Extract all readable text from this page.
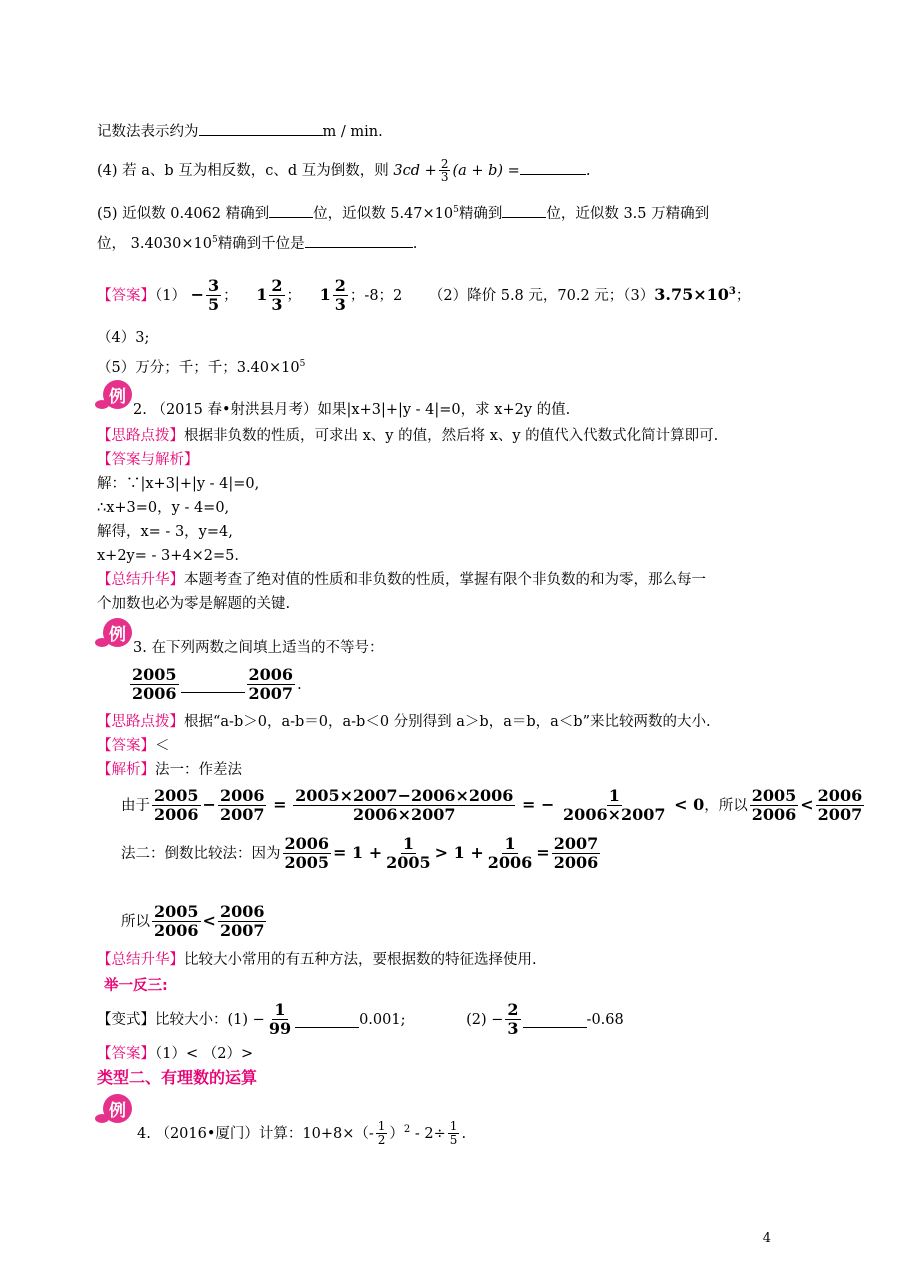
记数法表示约为	m / min.
(4) 若 a、b 互为相反数，c、d 互为倒数，则 $3cd + \frac{2}{3} (a + b)$ =	.
(5) 近似数 0.4062 精确到	位，近似数 $5.47\times 10^5$精确到	位，近似数 3.5 万精确到
位， $3.4030\times 10^5$精确到千位是	.
【答案】$(1) - \frac{3}{5}$ ； $1 \frac{2}{3}$ ； $1 \frac{2}{3}$ ；-8；2 （2）降价 5.8 元，70.2 元；$(3)3.75\times 10^3$；
（4）3;
（5）万分；千；千；$3.40\times 10^5$
例
2. （2015 春•射洪县月考）如果|x+3|+|y - 4|=0，求 x+2y 的值.
【思路点拨】根据非负数的性质，可求出 x、y 的值，然后将 x、y 的值代入代数式化简计算即可.
【答案与解析】
解：∵|x+3|+|y - 4|=0,
∴x+3=0，y - 4=0,
解得，x= - 3，y=4,
x+2y= - 3+4×2=5.
【总结升华】本题考查了绝对值的性质和非负数的性质，掌握有限个非负数的和为零，那么每一
个加数也必为零是解题的关键.
例
3. 在下列两数之间填上适当的不等号：
$\frac{2005}{2006}$	$\frac{2006}{2007}$ .
【思路点拨】根据“a-b＞0，a-b＝0，a-b＜0 分别得到 a＞b，a＝b，a＜b”来比较两数的大小.
【答案】＜
【解析】法一：作差法
由于 $\frac{2005}{2006} - \frac{2006}{2007} = \frac{2005\times 2007-2006\times 2006}{2006\times 2007}$ = − $\frac{1}{2006\times 2007} < 0$，所以 $\frac{2005}{2006} < \frac{2006}{2007}$
法二：倒数比较法：因为 $\frac{2006}{2005} = 1 + \frac{1}{2005} > 1 + \frac{1}{2006} = \frac{2007}{2006}$
所以 $\frac{2005}{2006} < \frac{2006}{2007}$
【总结升华】比较大小常用的有五种方法，要根据数的特征选择使用.
举一反三:
【变式】比较大小：$(1) - \frac{1}{99}$	0.001;	$(2) - \frac{2}{3}$	-0.68
【答案】（1）< （2）>
类型二、有理数的运算
例
4. （2016•厦门）计算：$10+8\times(- \frac{1}{2} )^2 - 2\div \frac{1}{5}$ .
4
